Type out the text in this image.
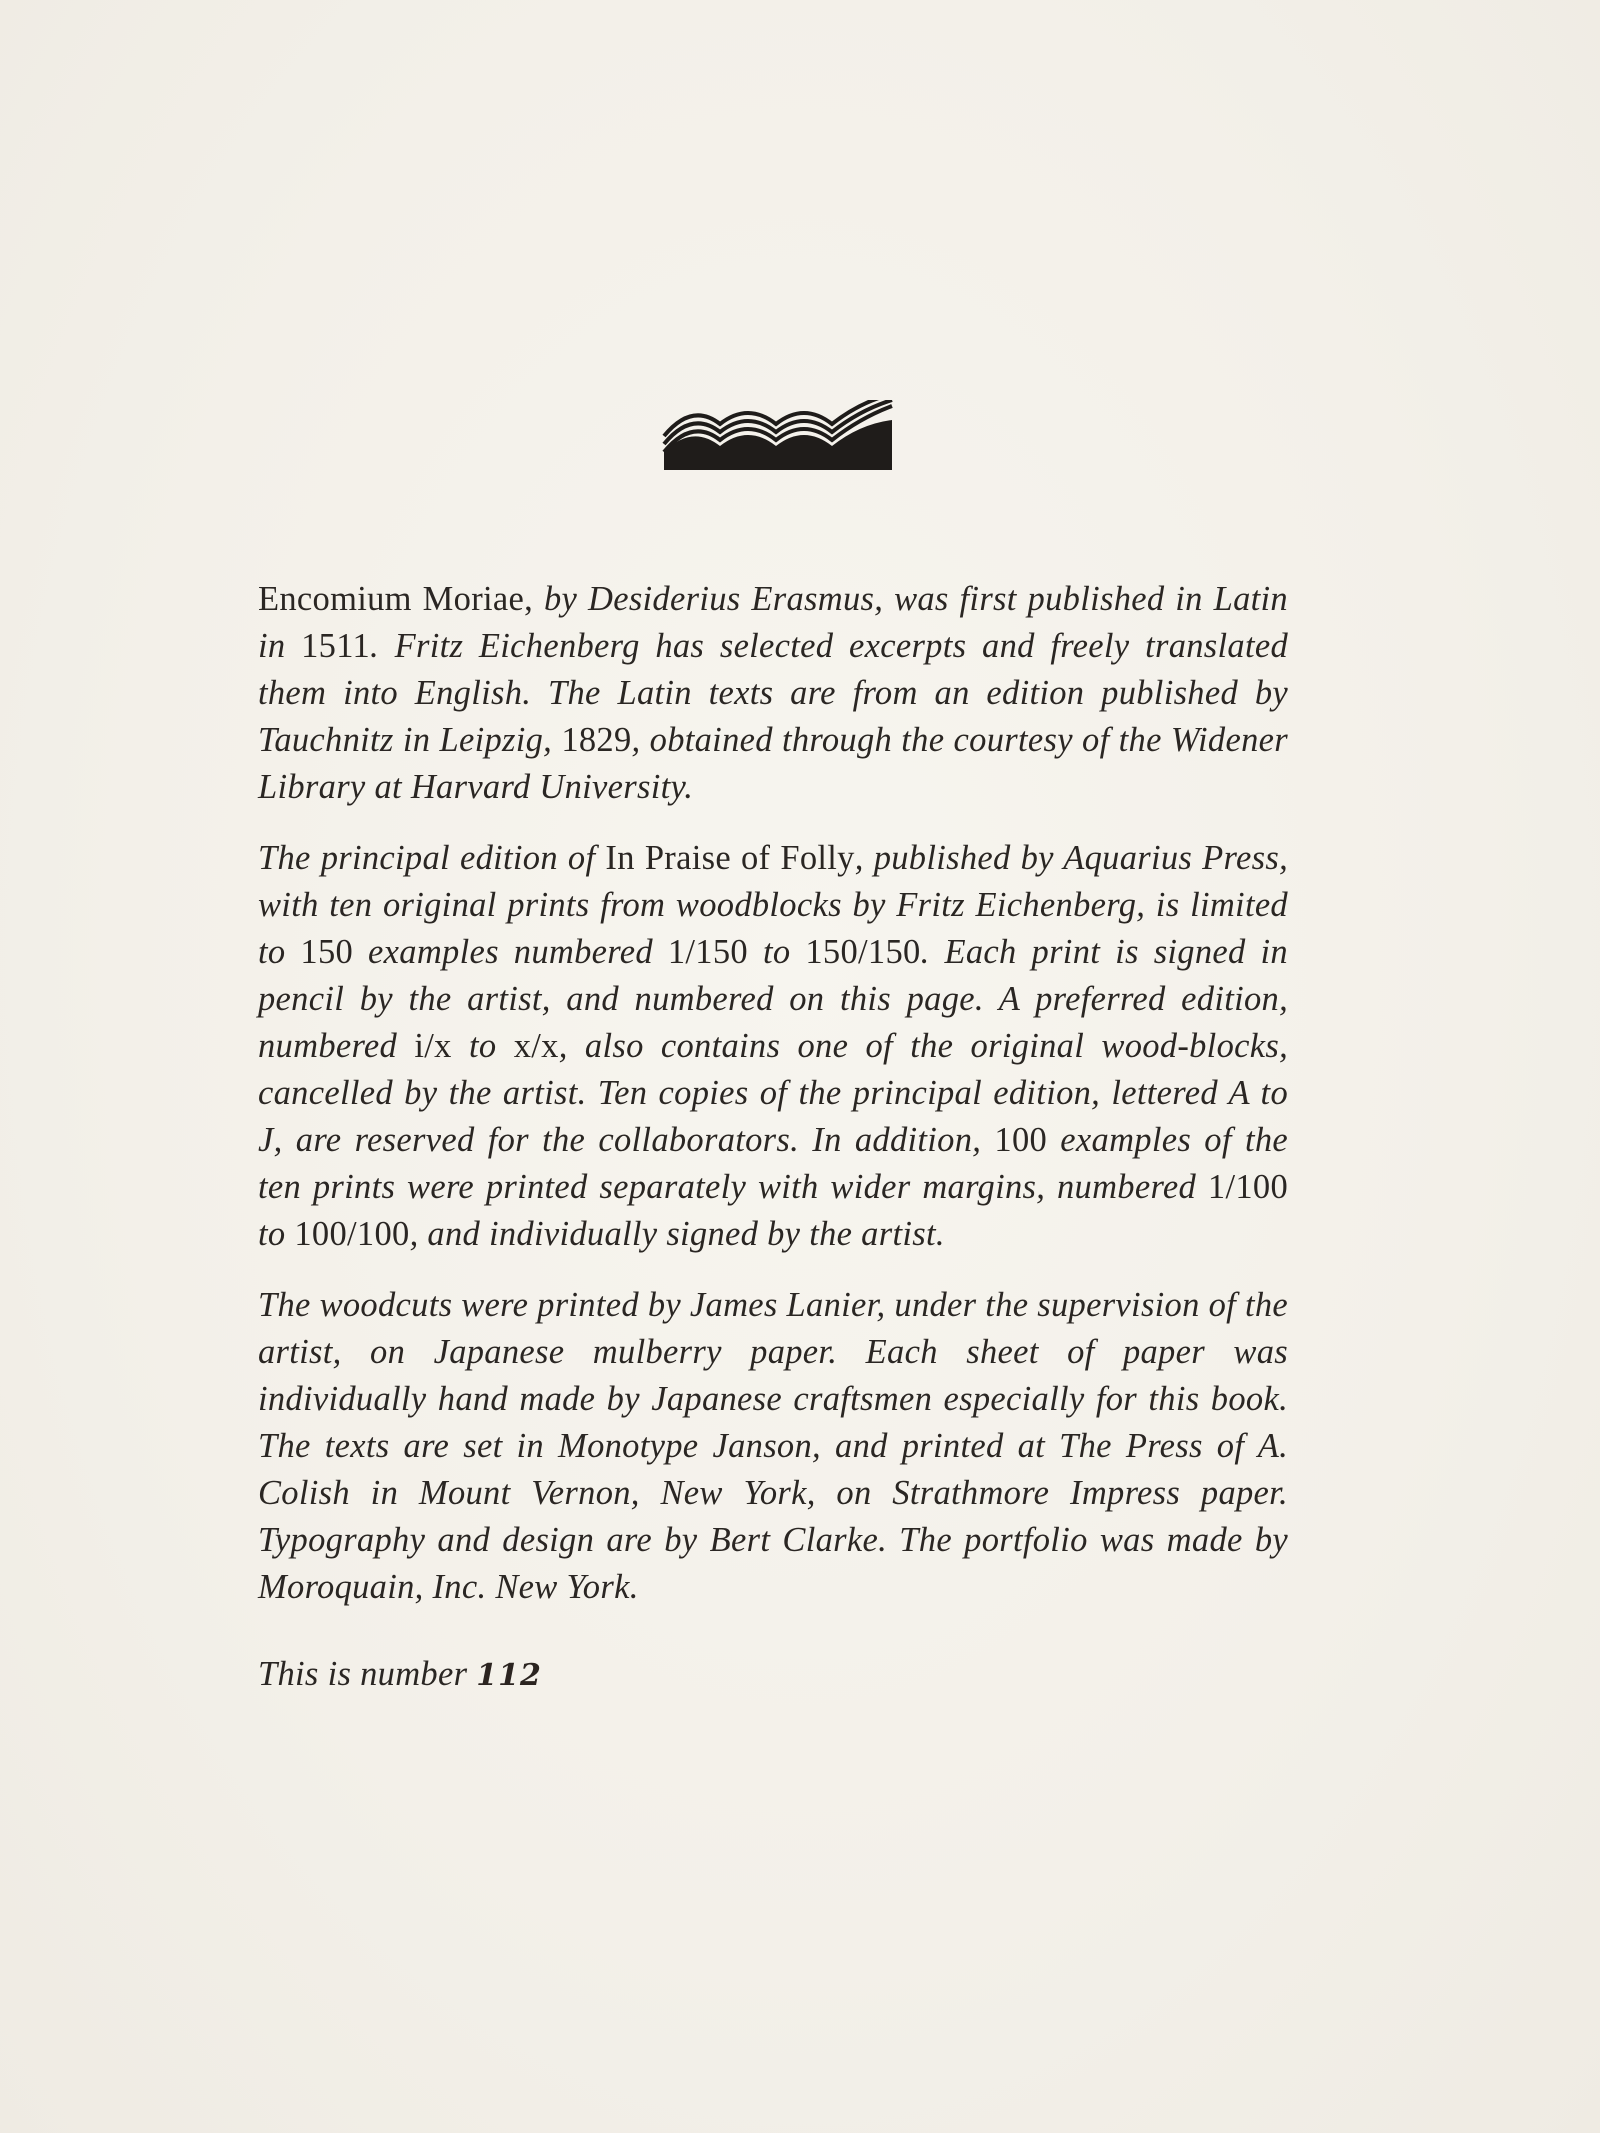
Encomium Moriae, by Desiderius Erasmus, was first published in Latin in 1511. Fritz Eichenberg has selected excerpts and freely translated them into English. The Latin texts are from an edition published by Tauchnitz in Leipzig, 1829, obtained through the courtesy of the Widener Library at Harvard University.

The principal edition of In Praise of Folly, published by Aquarius Press, with ten original prints from woodblocks by Fritz Eichenberg, is limited to 150 examples numbered 1/150 to 150/150. Each print is signed in pencil by the artist, and numbered on this page. A preferred edition, numbered i/x to x/x, also contains one of the original wood-blocks, cancelled by the artist. Ten copies of the principal edition, lettered A to J, are reserved for the collaborators. In addition, 100 examples of the ten prints were printed separately with wider margins, numbered 1/100 to 100/100, and individually signed by the artist.

The woodcuts were printed by James Lanier, under the supervision of the artist, on Japanese mulberry paper. Each sheet of paper was individually hand made by Japanese craftsmen especially for this book. The texts are set in Monotype Janson, and printed at The Press of A. Colish in Mount Vernon, New York, on Strathmore Impress paper. Typography and design are by Bert Clarke. The portfolio was made by Moroquain, Inc. New York.

This is number 112
